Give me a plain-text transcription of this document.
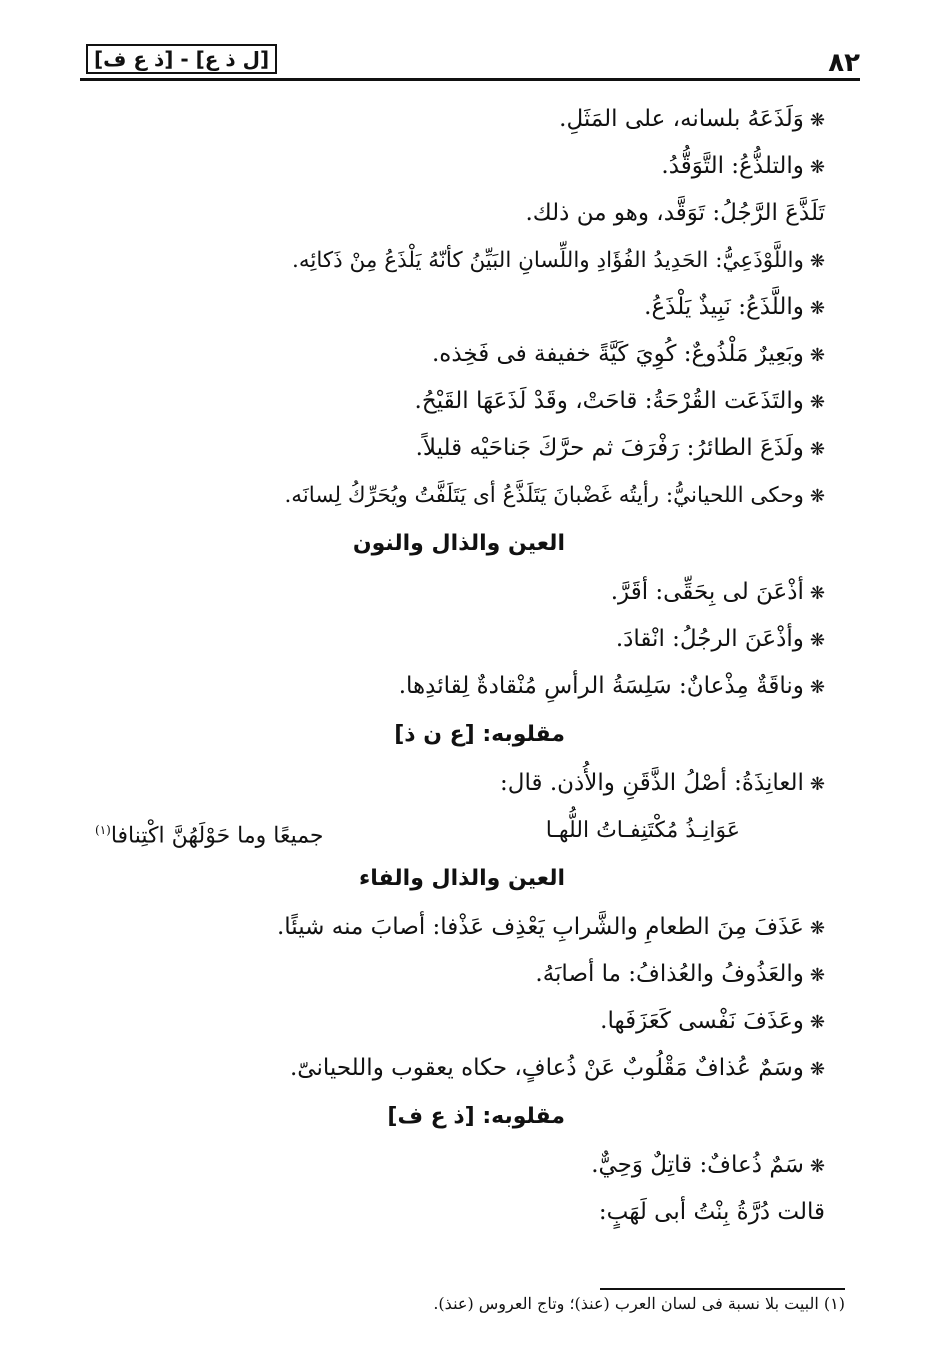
٨٢
[ل ذ ع] - [ذ ع ف]
❋وَلَذَعَهُ بلسانه، على المَثَلِ.
❋والتلذُّعُ: التَّوَقُّدُ.
تَلَذَّعَ الرَّجُلُ: تَوَقَّد، وهو من ذلك.
❋واللَّوْذَعِيُّ: الحَدِيدُ الفُؤَادِ واللِّسانِ البَيِّنُ كأنّهُ يَلْذَعُ مِنْ ذَكائِه.
❋واللَّذَعُ: نَبِيذٌ يَلْذَعُ.
❋وبَعِيرٌ مَلْذُوعٌ: كُوِيَ كَيَّةً خفيفة فى فَخِذه.
❋والتَذَعَت القُرْحَةُ: قاحَتْ، وقَدْ لَذَعَهَا القَيْحُ.
❋ولَذَعَ الطائرُ: رَفْرَفَ ثم حرَّكَ جَناحَيْه قليلاً.
❋وحكى اللحيانيُّ: رأيتُه غَضْبانَ يَتَلَذَّعُ أى يَتَلَفَّتُ ويُحَرِّكُ لِسانَه.
العين والذال والنون
❋أذْعَنَ لى بِحَقِّى: أقَرَّ.
❋وأذْعَنَ الرجُلُ: انْقادَ.
❋وناقَةٌ مِذْعانٌ: سَلِسَةُ الرأسِ مُنْقادةٌ لِقائدِها.
مقلوبه: [ع ن ذ]
❋العانِذَةُ: أصْلُ الذَّقَنِ والأُذن. قال:
عَوَانِـذُ مُكْتَنِفـاتُ اللُّهـا
جميعًا وما حَوْلَهُنَّ اكْتِنافا$^{(١)}$
العين والذال والفاء
❋عَذَفَ مِنَ الطعامِ والشَّرابِ يَعْذِف عَذْفا: أصابَ منه شيئًا.
❋والعَذُوفُ والعُذافُ: ما أصابَهُ.
❋وعَذَفَ نَفْسى كَعَزَفَها.
❋وسَمٌ عُذافٌ مَقْلُوبٌ عَنْ ذُعافٍ، حكاه يعقوب واللحيانىّ.
مقلوبه: [ذ ع ف]
❋سَمٌ ذُعافٌ: قاتِلٌ وَحِيٌّ.
قالت دُرَّةُ بِنْتُ أبى لَهَبٍ:
(١) البيت بلا نسبة فى لسان العرب (عنذ)؛ وتاج العروس (عنذ).
